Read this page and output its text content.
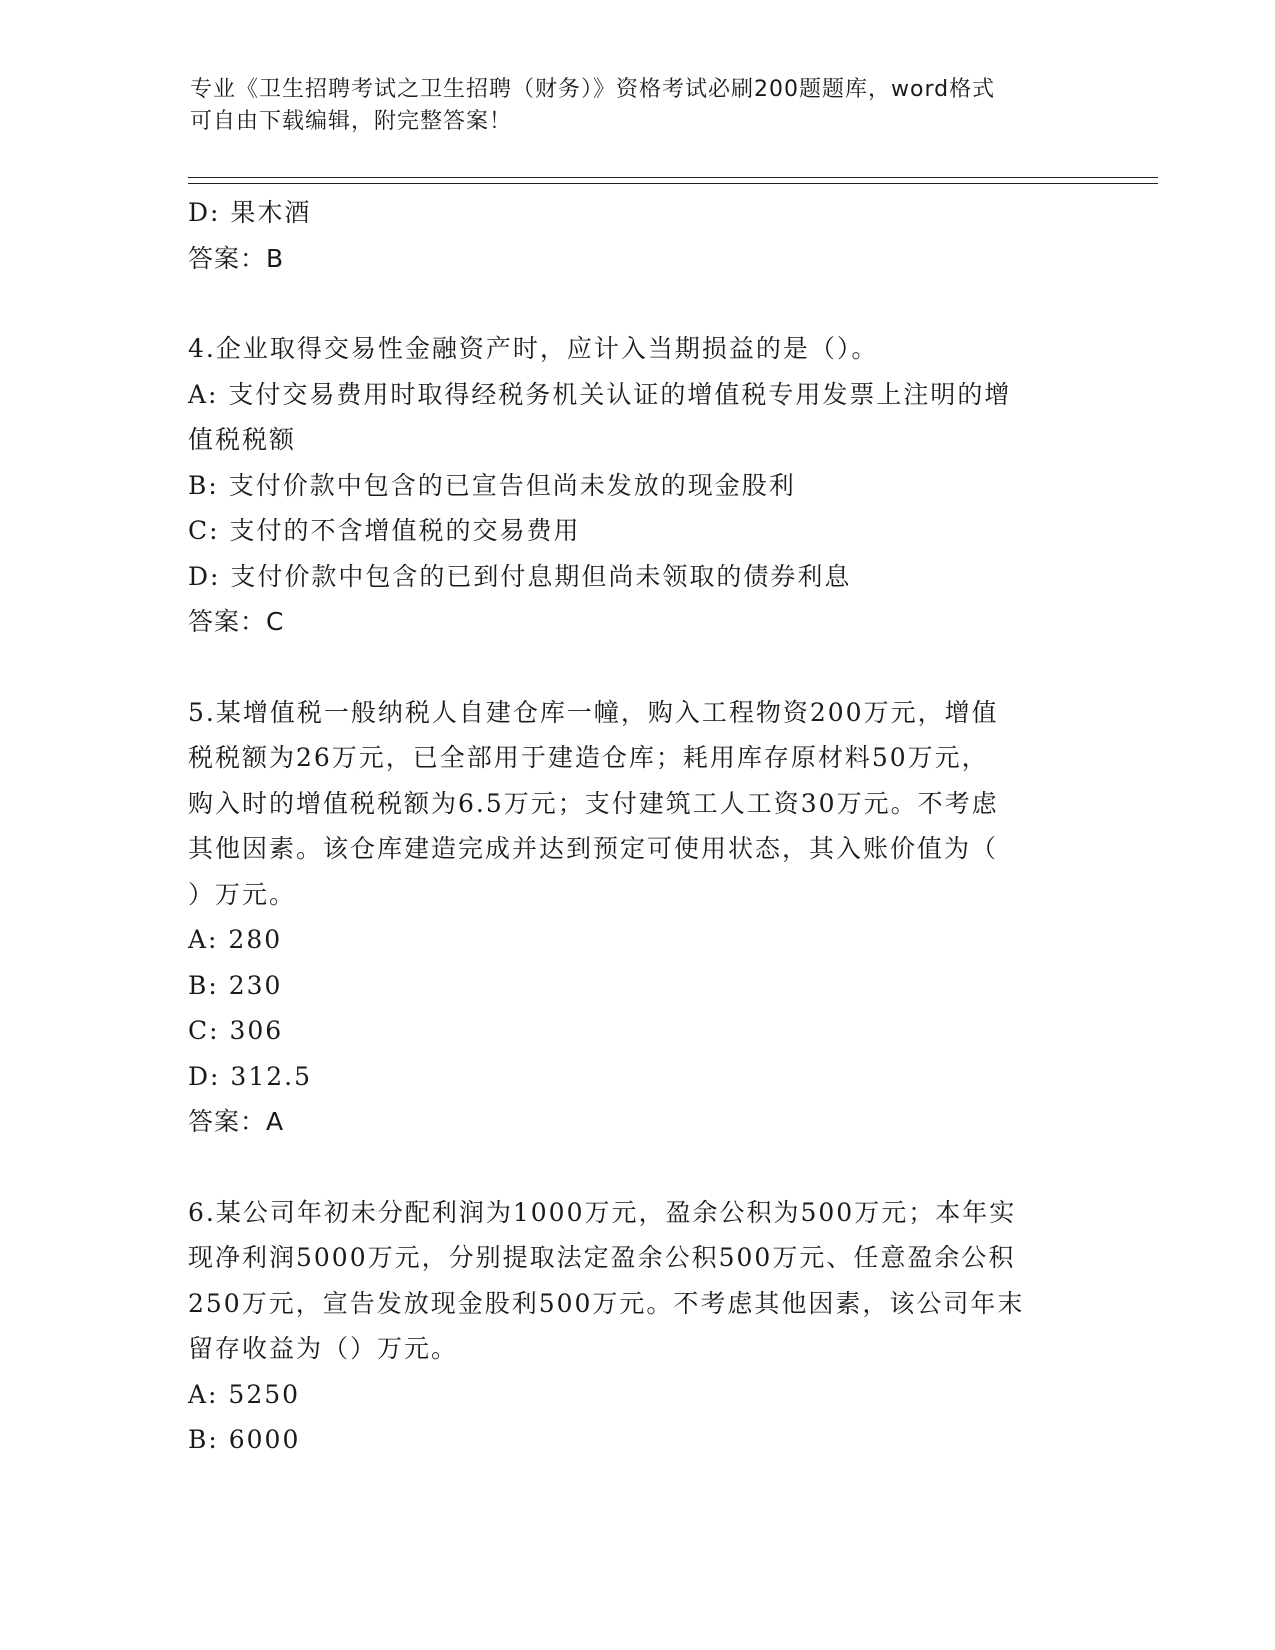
专业《卫生招聘考试之卫生招聘（财务）》资格考试必刷200题题库，word格式
可自由下载编辑，附完整答案！
D: 果木酒
答案：B
4.企业取得交易性金融资产时，应计入当期损益的是（）。
A: 支付交易费用时取得经税务机关认证的增值税专用发票上注明的增
值税税额
B: 支付价款中包含的已宣告但尚未发放的现金股利
C: 支付的不含增值税的交易费用
D: 支付价款中包含的已到付息期但尚未领取的债券利息
答案：C
5.某增值税一般纳税人自建仓库一幢，购入工程物资200万元，增值
税税额为26万元，已全部用于建造仓库；耗用库存原材料50万元，
购入时的增值税税额为6.5万元；支付建筑工人工资30万元。不考虑
其他因素。该仓库建造完成并达到预定可使用状态，其入账价值为（
）万元。
A: 280
B: 230
C: 306
D: 312.5
答案：A
6.某公司年初未分配利润为1000万元，盈余公积为500万元；本年实
现净利润5000万元，分别提取法定盈余公积500万元、任意盈余公积
250万元，宣告发放现金股利500万元。不考虑其他因素，该公司年末
留存收益为（）万元。
A: 5250
B: 6000
